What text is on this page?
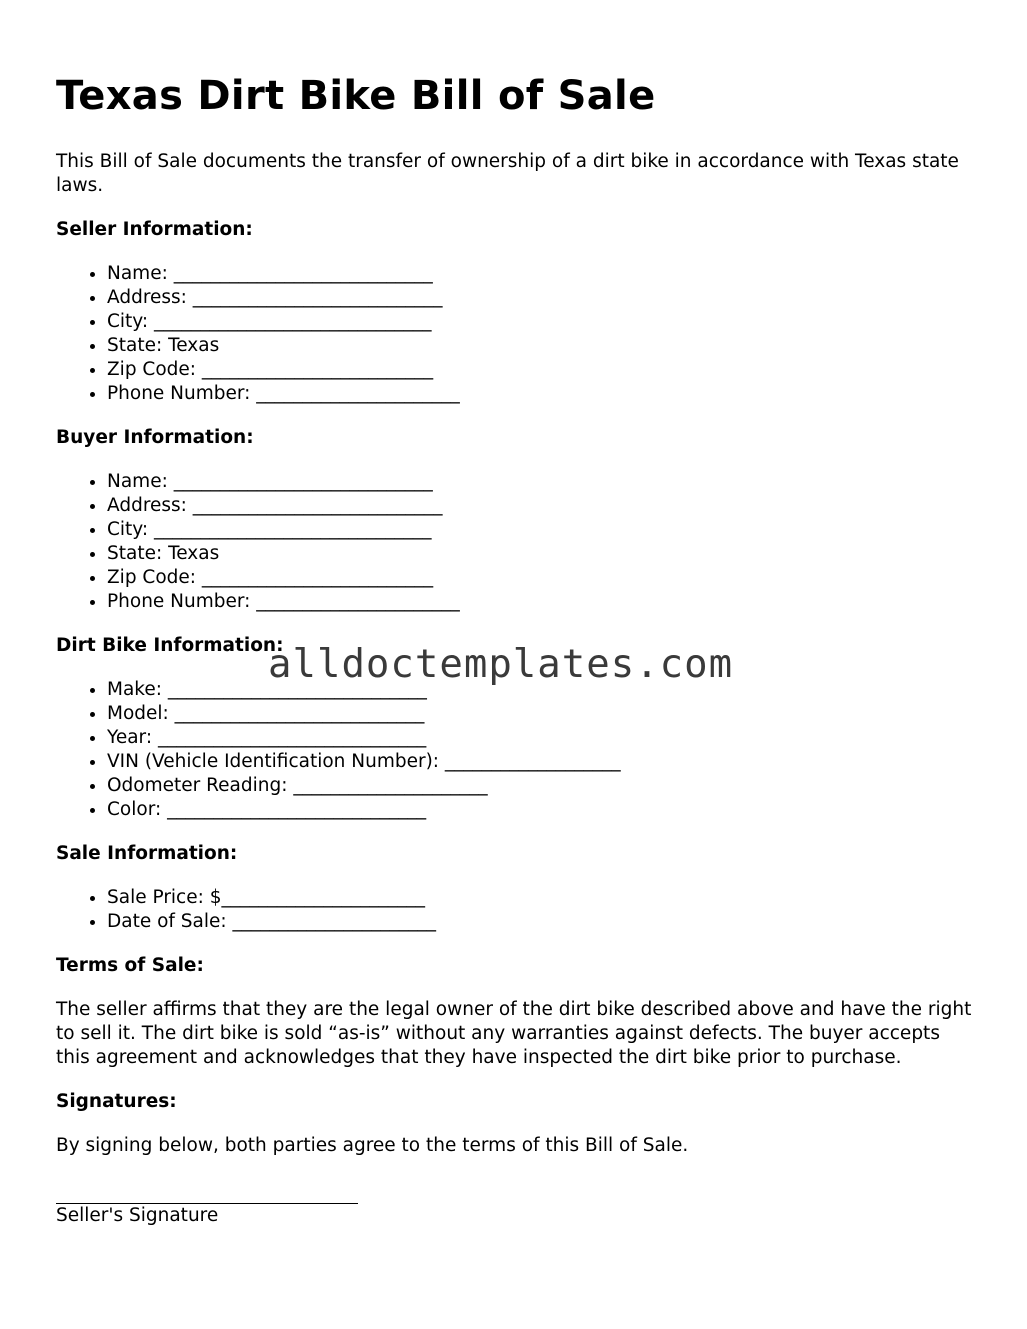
Texas Dirt Bike Bill of Sale

This Bill of Sale documents the transfer of ownership of a dirt bike in accordance with Texas state laws.

Seller Information:
• Name: ____________________________
• Address: ___________________________
• City: ______________________________
• State: Texas
• Zip Code: _________________________
• Phone Number: ______________________
Buyer Information:
• Name: ____________________________
• Address: ___________________________
• City: ______________________________
• State: Texas
• Zip Code: _________________________
• Phone Number: ______________________
Dirt Bike Information:
• Make: ____________________________
• Model: ___________________________
• Year: _____________________________
• VIN (Vehicle Identification Number): ___________________
• Odometer Reading: _____________________
• Color: ____________________________
Sale Information:
• Sale Price: $______________________
• Date of Sale: ______________________
Terms of Sale:

The seller affirms that they are the legal owner of the dirt bike described above and have the right to sell it. The dirt bike is sold “as-is” without any warranties against defects. The buyer accepts this agreement and acknowledges that they have inspected the dirt bike prior to purchase.

Signatures:

By signing below, both parties agree to the terms of this Bill of Sale.

Seller's Signature
alldoctemplates.com
